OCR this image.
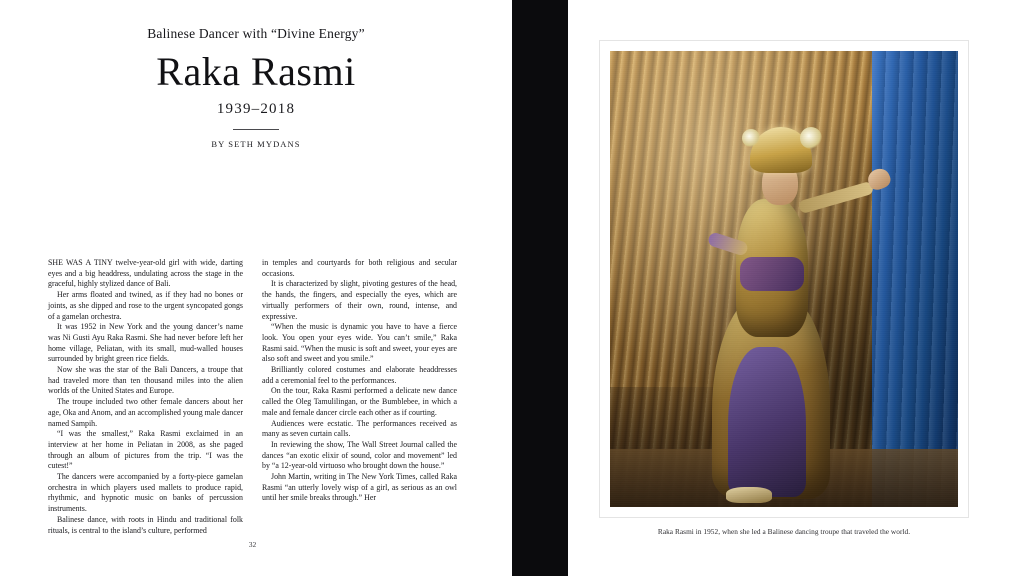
Balinese Dancer with “Divine Energy”
Raka Rasmi
1939–2018
BY SETH MYDANS

SHE WAS A TINY twelve-year-old girl with wide, darting eyes and a big headdress, undulating across the stage in the graceful, highly stylized dance of Bali.

Her arms floated and twined, as if they had no bones or joints, as she dipped and rose to the urgent syncopated gongs of a gamelan orchestra.

It was 1952 in New York and the young dancer’s name was Ni Gusti Ayu Raka Rasmi. She had never before left her home village, Peliatan, with its small, mud-walled houses surrounded by bright green rice fields.

Now she was the star of the Bali Dancers, a troupe that had traveled more than ten thousand miles into the alien worlds of the United States and Europe.

The troupe included two other female dancers about her age, Oka and Anom, and an accomplished young male dancer named Sampih.

“I was the smallest,” Raka Rasmi exclaimed in an interview at her home in Peliatan in 2008, as she paged through an album of pictures from the trip. “I was the cutest!”

The dancers were accompanied by a forty-piece gamelan orchestra in which players used mallets to produce rapid, rhythmic, and hypnotic music on banks of percussion instruments.

Balinese dance, with roots in Hindu and traditional folk rituals, is central to the island’s culture, performed

in temples and courtyards for both religious and secular occasions.

It is characterized by slight, pivoting gestures of the head, the hands, the fingers, and especially the eyes, which are virtually performers of their own, round, intense, and expressive.

“When the music is dynamic you have to have a fierce look. You open your eyes wide. You can’t smile,” Raka Rasmi said. “When the music is soft and sweet, your eyes are also soft and sweet and you smile.”

Brilliantly colored costumes and elaborate headdresses add a ceremonial feel to the performances.

On the tour, Raka Rasmi performed a delicate new dance called the Oleg Tamulilingan, or the Bumblebee, in which a male and female dancer circle each other as if courting.

Audiences were ecstatic. The performances received as many as seven curtain calls.

In reviewing the show, The Wall Street Journal called the dances “an exotic elixir of sound, color and movement” led by “a 12-year-old virtuoso who brought down the house.”

John Martin, writing in The New York Times, called Raka Rasmi “an utterly lovely wisp of a girl, as serious as an owl until her smile breaks through.” Her

32
Raka Rasmi in 1952, when she led a Balinese dancing troupe that traveled the world.
